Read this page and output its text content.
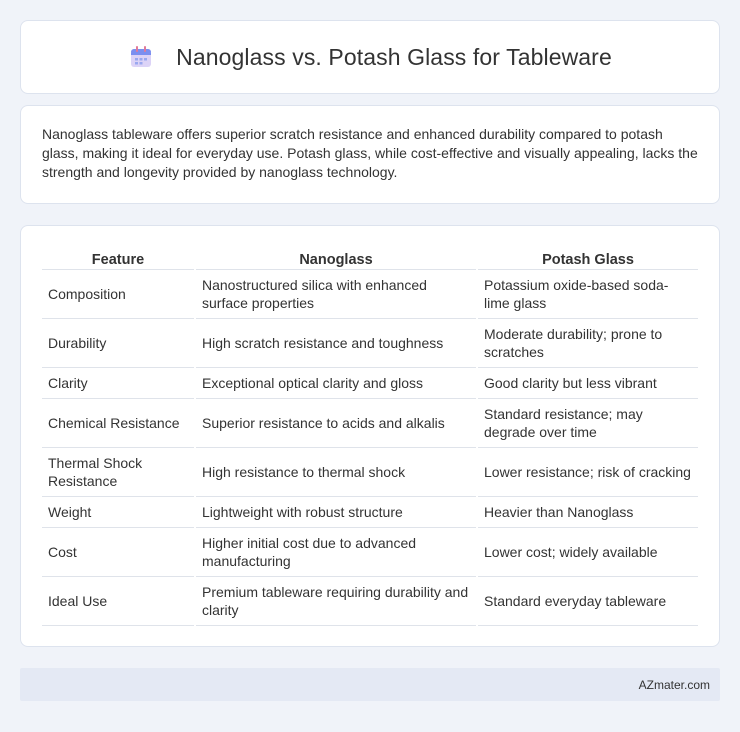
Nanoglass vs. Potash Glass for Tableware

Nanoglass tableware offers superior scratch resistance and enhanced durability compared to potash glass, making it ideal for everyday use. Potash glass, while cost-effective and visually appealing, lacks the strength and longevity provided by nanoglass technology.

Feature	Nanoglass	Potash Glass
Composition	Nanostructured silica with enhanced surface properties	Potassium oxide-based soda-lime glass
Durability	High scratch resistance and toughness	Moderate durability; prone to scratches
Clarity	Exceptional optical clarity and gloss	Good clarity but less vibrant
Chemical Resistance	Superior resistance to acids and alkalis	Standard resistance; may degrade over time
Thermal Shock Resistance	High resistance to thermal shock	Lower resistance; risk of cracking
Weight	Lightweight with robust structure	Heavier than Nanoglass
Cost	Higher initial cost due to advanced manufacturing	Lower cost; widely available
Ideal Use	Premium tableware requiring durability and clarity	Standard everyday tableware
AZmater.com
